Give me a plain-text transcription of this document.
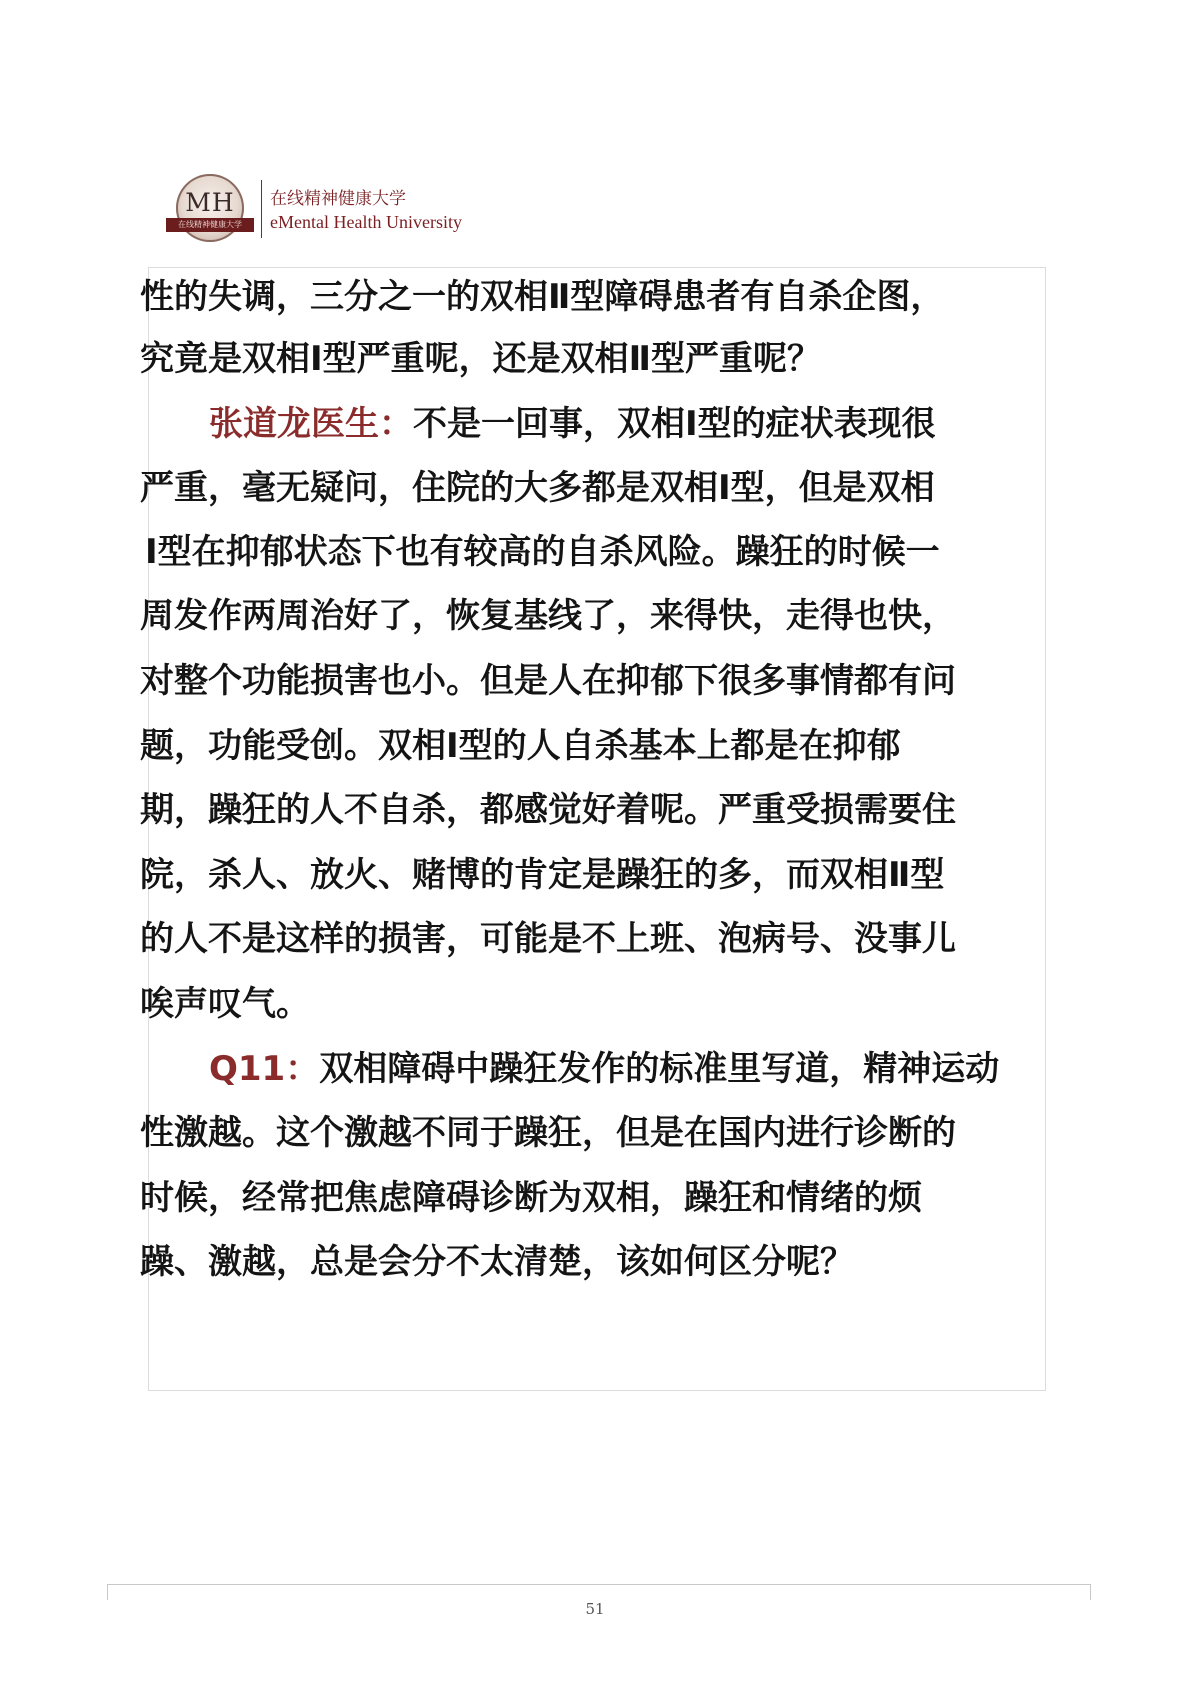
MH
在线精神健康大学
在线精神健康大学
eMental Health University
性的失调，三分之一的双相Ⅱ型障碍患者有自杀企图，
究竟是双相Ⅰ型严重呢，还是双相Ⅱ型严重呢？
张道龙医生：不是一回事，双相Ⅰ型的症状表现很
严重，毫无疑问，住院的大多都是双相Ⅰ型，但是双相
Ⅰ型在抑郁状态下也有较高的自杀风险。躁狂的时候一
周发作两周治好了，恢复基线了，来得快，走得也快，
对整个功能损害也小。但是人在抑郁下很多事情都有问
题，功能受创。双相Ⅰ型的人自杀基本上都是在抑郁
期，躁狂的人不自杀，都感觉好着呢。严重受损需要住
院，杀人、放火、赌博的肯定是躁狂的多，而双相Ⅱ型
的人不是这样的损害，可能是不上班、泡病号、没事儿
唉声叹气。
Q11：双相障碍中躁狂发作的标准里写道，精神运动
性激越。这个激越不同于躁狂，但是在国内进行诊断的
时候，经常把焦虑障碍诊断为双相，躁狂和情绪的烦
躁、激越，总是会分不太清楚，该如何区分呢？
51
